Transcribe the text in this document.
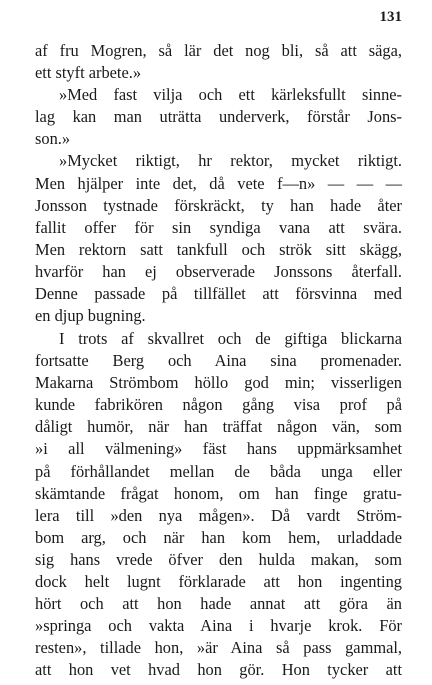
131
af fru Mogren, så lär det nog bli, så att säga,
ett styft arbete.»
»Med fast vilja och ett kärleksfullt sinne-
lag kan man uträtta underverk, förstår Jons-
son.»
»Mycket riktigt, hr rektor, mycket riktigt.
Men hjälper inte det, då vete f—n» — — —
Jonsson tystnade förskräckt, ty han hade åter
fallit offer för sin syndiga vana att svära.
Men rektorn satt tankfull och strök sitt skägg,
hvarför han ej observerade Jonssons återfall.
Denne passade på tillfället att försvinna med
en djup bugning.
I trots af skvallret och de giftiga blickarna
fortsatte Berg och Aina sina promenader.
Makarna Strömbom höllo god min; visserligen
kunde fabrikören någon gång visa prof på
dåligt humör, när han träffat någon vän, som
»i all välmening» fäst hans uppmärksamhet
på förhållandet mellan de båda unga eller
skämtande frågat honom, om han finge gratu-
lera till »den nya mågen». Då vardt Ström-
bom arg, och när han kom hem, urladdade
sig hans vrede öfver den hulda makan, som
dock helt lugnt förklarade att hon ingenting
hört och att hon hade annat att göra än
»springa och vakta Aina i hvarje krok. För
resten», tillade hon, »är Aina så pass gammal,
att hon vet hvad hon gör. Hon tycker att
